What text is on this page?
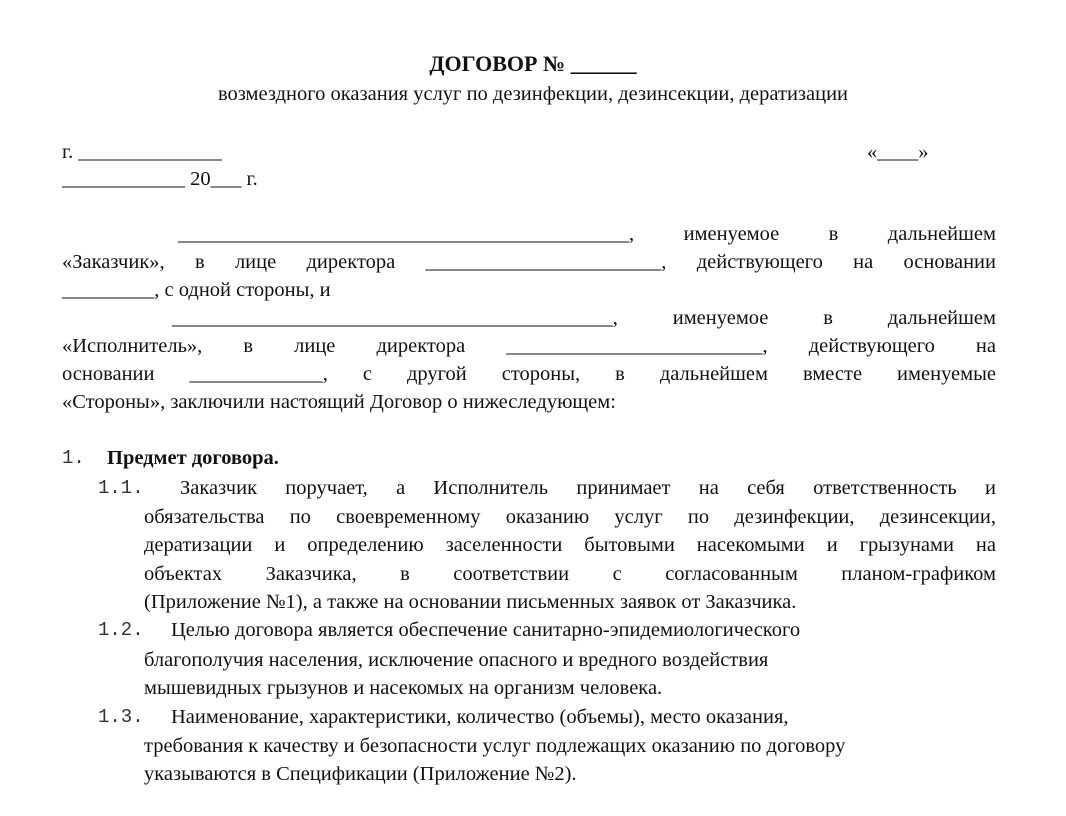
ДОГОВОР № ______
возмездного оказания услуг по дезинфекции, дезинсекции, дератизации
г. ______________	«____»
____________ 20___ г.
____________________________________________, именуемое в дальнейшем
«Заказчик», в лице директора _______________________, действующего на основании
_________, с одной стороны, и
___________________________________________, именуемое в дальнейшем
«Исполнитель», в лице директора _________________________, действующего на
основании _____________, с другой стороны, в дальнейшем вместе именуемые
«Стороны», заключили настоящий Договор о нижеследующем:
1. Предмет договора.
1.1. Заказчик поручает, а Исполнитель принимает на себя ответственность и
обязательства по своевременному оказанию услуг по дезинфекции, дезинсекции,
дератизации и определению заселенности бытовыми насекомыми и грызунами на
объектах Заказчика, в соответствии с согласованным планом-графиком
(Приложение №1), а также на основании письменных заявок от Заказчика.
1.2. Целью договора является обеспечение санитарно-эпидемиологического
благополучия населения, исключение опасного и вредного воздействия
мышевидных грызунов и насекомых на организм человека.
1.3. Наименование, характеристики, количество (объемы), место оказания,
требования к качеству и безопасности услуг подлежащих оказанию по договору
указываются в Спецификации (Приложение №2).
